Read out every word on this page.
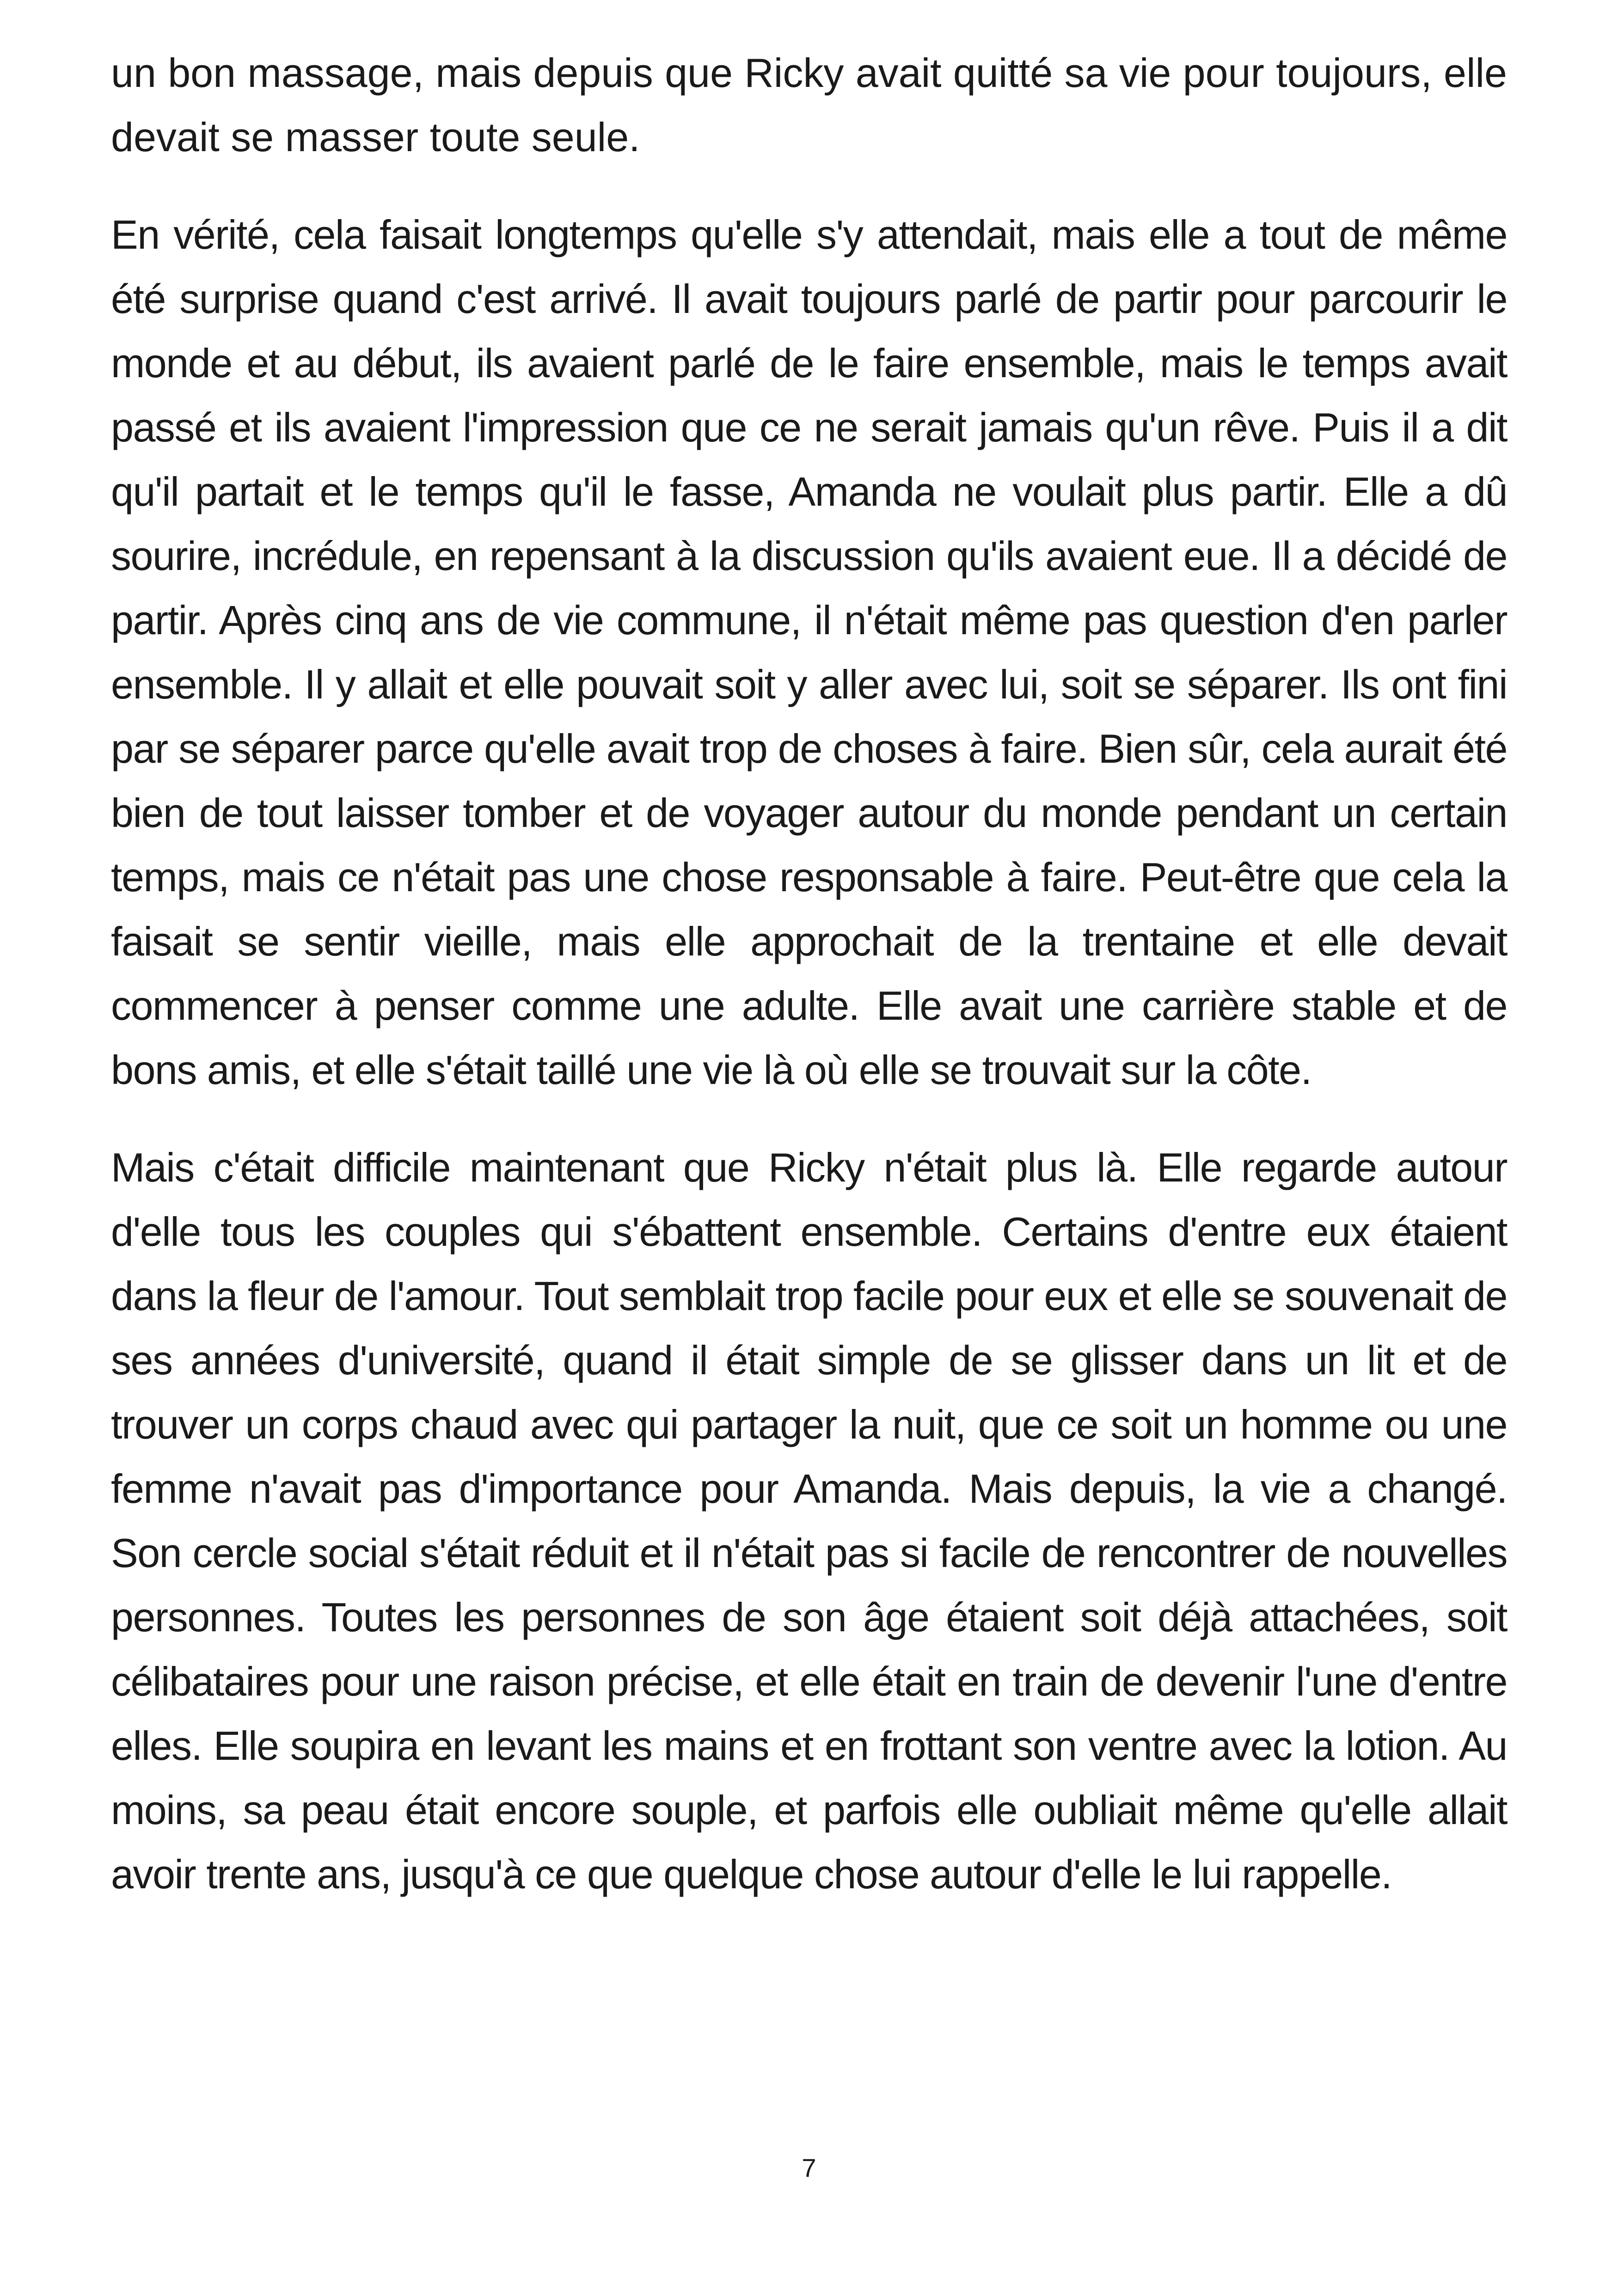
un bon massage, mais depuis que Ricky avait quitté sa vie pour toujours, elle devait se masser toute seule.

En vérité, cela faisait longtemps qu'elle s'y attendait, mais elle a tout de même été surprise quand c'est arrivé. Il avait toujours parlé de partir pour parcourir le monde et au début, ils avaient parlé de le faire ensemble, mais le temps avait passé et ils avaient l'impression que ce ne serait jamais qu'un rêve. Puis il a dit qu'il partait et le temps qu'il le fasse, Amanda ne voulait plus partir. Elle a dû sourire, incrédule, en repensant à la discussion qu'ils avaient eue. Il a décidé de partir. Après cinq ans de vie commune, il n'était même pas question d'en parler ensemble. Il y allait et elle pouvait soit y aller avec lui, soit se séparer. Ils ont fini par se séparer parce qu'elle avait trop de choses à faire. Bien sûr, cela aurait été bien de tout laisser tomber et de voyager autour du monde pendant un certain temps, mais ce n'était pas une chose responsable à faire. Peut-être que cela la faisait se sentir vieille, mais elle approchait de la trentaine et elle devait commencer à penser comme une adulte. Elle avait une carrière stable et de bons amis, et elle s'était taillé une vie là où elle se trouvait sur la côte.

Mais c'était difficile maintenant que Ricky n'était plus là. Elle regarde autour d'elle tous les couples qui s'ébattent ensemble. Certains d'entre eux étaient dans la fleur de l'amour. Tout semblait trop facile pour eux et elle se souvenait de ses années d'université, quand il était simple de se glisser dans un lit et de trouver un corps chaud avec qui partager la nuit, que ce soit un homme ou une femme n'avait pas d'importance pour Amanda. Mais depuis, la vie a changé. Son cercle social s'était réduit et il n'était pas si facile de rencontrer de nouvelles personnes. Toutes les personnes de son âge étaient soit déjà attachées, soit célibataires pour une raison précise, et elle était en train de devenir l'une d'entre elles. Elle soupira en levant les mains et en frottant son ventre avec la lotion. Au moins, sa peau était encore souple, et parfois elle oubliait même qu'elle allait avoir trente ans, jusqu'à ce que quelque chose autour d'elle le lui rappelle.

7
